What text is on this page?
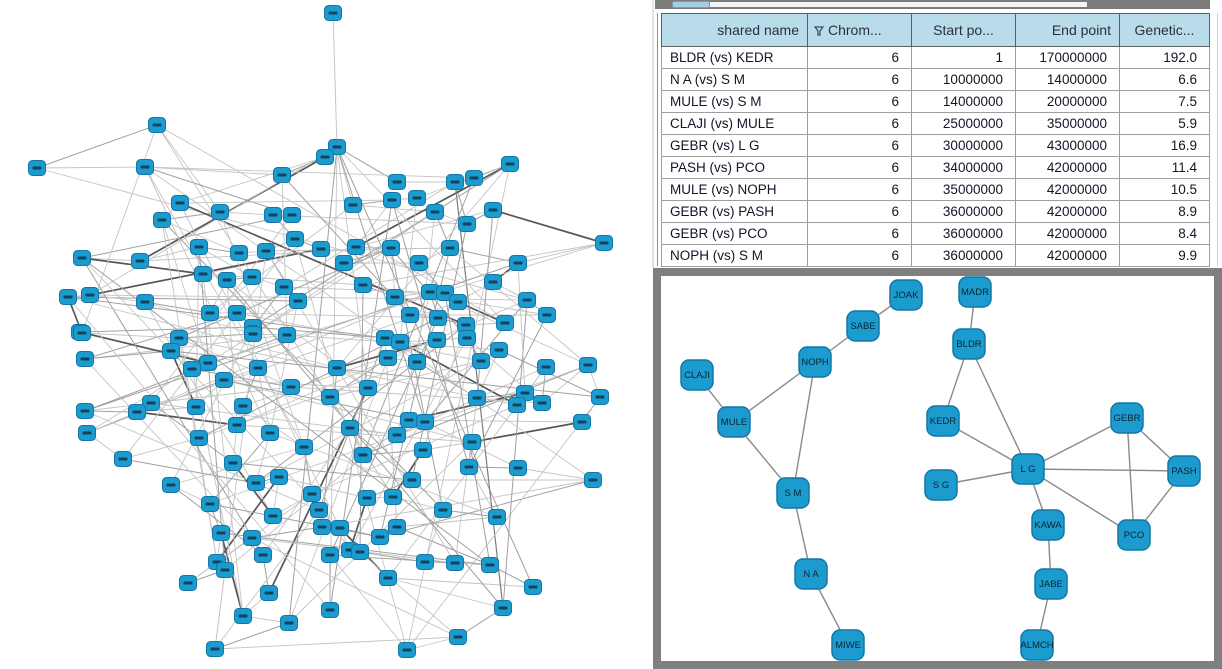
shared name	Chrom...	Start po...	End point	Genetic...
BLDR (vs) KEDR	6	1	170000000	192.0
N A (vs) S M	6	10000000	14000000	6.6
MULE (vs) S M	6	14000000	20000000	7.5
CLAJI (vs) MULE	6	25000000	35000000	5.9
GEBR (vs) L G	6	30000000	43000000	16.9
PASH (vs) PCO	6	34000000	42000000	11.4
MULE (vs) NOPH	6	35000000	42000000	10.5
GEBR (vs) PASH	6	36000000	42000000	8.9
GEBR (vs) PCO	6	36000000	42000000	8.4
NOPH (vs) S M	6	36000000	42000000	9.9
JOAK
SABE
NOPH
CLAJI
MULE
S M
N A
MIWE
MADR
BLDR
KEDR
L G
S G
KAWA
JABE
ALMCH
GEBR
PASH
PCO
